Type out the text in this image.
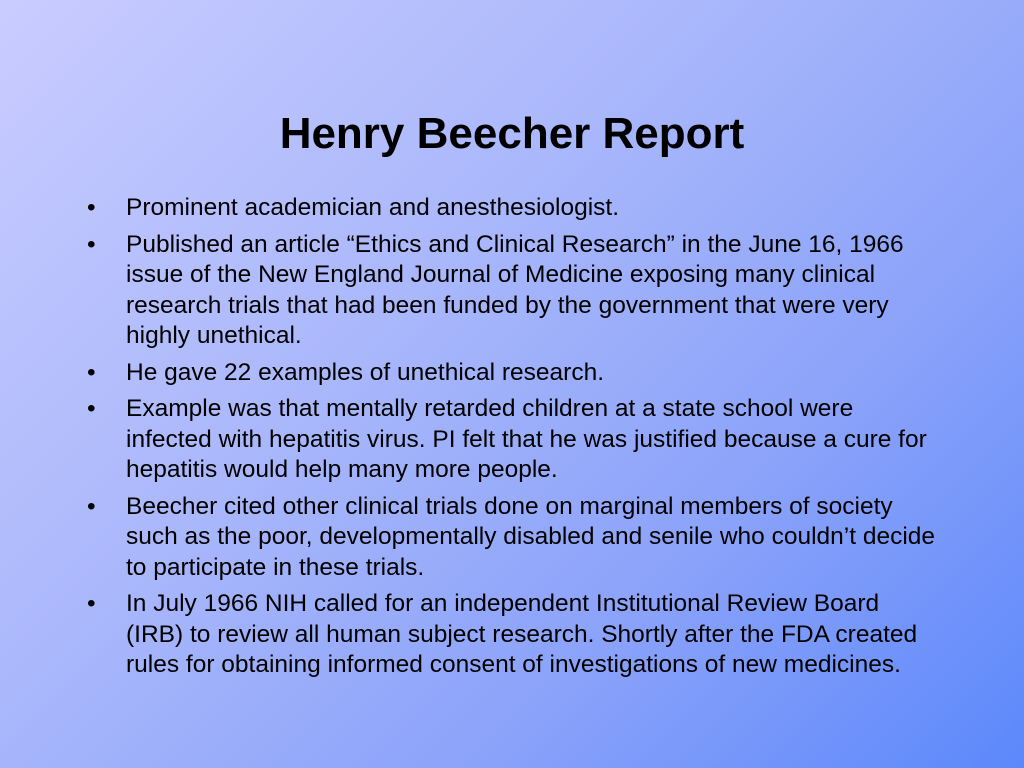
Henry Beecher Report
• Prominent academician and anesthesiologist.
• Published an article “Ethics and Clinical Research” in the June 16, 1966 issue of the New England Journal of Medicine exposing many clinical research trials that had been funded by the government that were very highly unethical.
• He gave 22 examples of unethical research.
• Example was that mentally retarded children at a state school were infected with hepatitis virus. PI felt that he was justified because a cure for hepatitis would help many more people.
• Beecher cited other clinical trials done on marginal members of society such as the poor, developmentally disabled and senile who couldn’t decide to participate in these trials.
• In July 1966 NIH called for an independent Institutional Review Board (IRB) to review all human subject research. Shortly after the FDA created rules for obtaining informed consent of investigations of new medicines.
